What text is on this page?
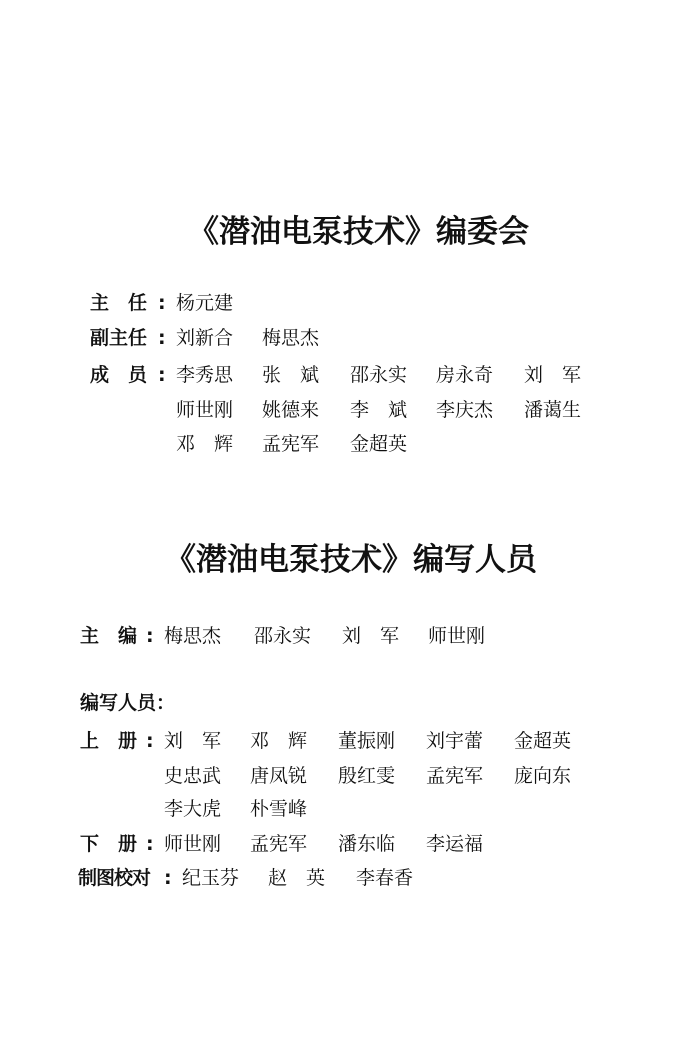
《潜油电泵技术》编委会
主　任 : 杨元建
副主任 : 刘新合 梅思杰
成　员 : 李秀思 张　斌 邵永实 房永奇 刘　军
师世刚 姚德来 李　斌 李庆杰 潘蔼生
邓　辉 孟宪军 金超英
《潜油电泵技术》编写人员
主　编 : 梅思杰 邵永实 刘　军 师世刚
编写人员：
上　册 : 刘　军 邓　辉 董振刚 刘宇蕾 金超英
史忠武 唐凤锐 殷红雯 孟宪军 庞向东
李大虎 朴雪峰
下　册 : 师世刚 孟宪军 潘东临 李运福
制图校对 : 纪玉芬 赵　英 李春香
